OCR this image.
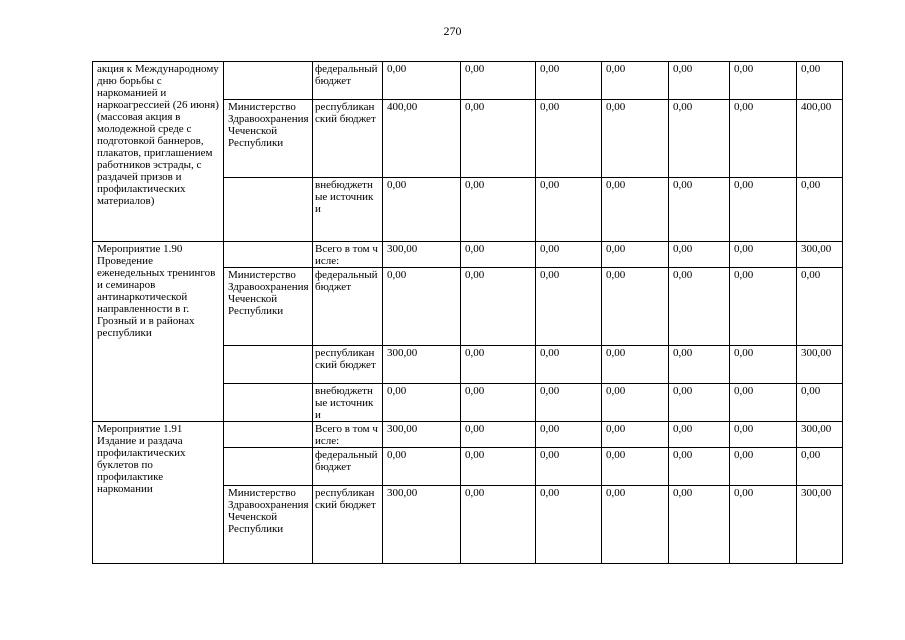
270
акция к Международному дню борьбы с наркоманией и наркоагрессией (26 июня) (массовая акция в молодежной среде с подготовкой баннеров, плакатов, приглашением работников эстрады, с раздачей призов и профилактических материалов)		федеральный бюджет	0,00	0,00	0,00	0,00	0,00	0,00	0,00
	Министерство Здравоохранения Чеченской Республики	республиканский бюджет	400,00	0,00	0,00	0,00	0,00	0,00	400,00
		внебюджетные источники	0,00	0,00	0,00	0,00	0,00	0,00	0,00
Мероприятие 1.90 Проведение еженедельных тренингов и семинаров антинаркотической направленности в г. Грозный и в районах республики		Всего в том числе:	300,00	0,00	0,00	0,00	0,00	0,00	300,00
	Министерство Здравоохранения Чеченской Республики	федеральный бюджет	0,00	0,00	0,00	0,00	0,00	0,00	0,00
		республиканский бюджет	300,00	0,00	0,00	0,00	0,00	0,00	300,00
		внебюджетные источники	0,00	0,00	0,00	0,00	0,00	0,00	0,00
Мероприятие 1.91 Издание и раздача профилактических буклетов по профилактике наркомании		Всего в том числе:	300,00	0,00	0,00	0,00	0,00	0,00	300,00
		федеральный бюджет	0,00	0,00	0,00	0,00	0,00	0,00	0,00
	Министерство Здравоохранения Чеченской Республики	республиканский бюджет	300,00	0,00	0,00	0,00	0,00	0,00	300,00
